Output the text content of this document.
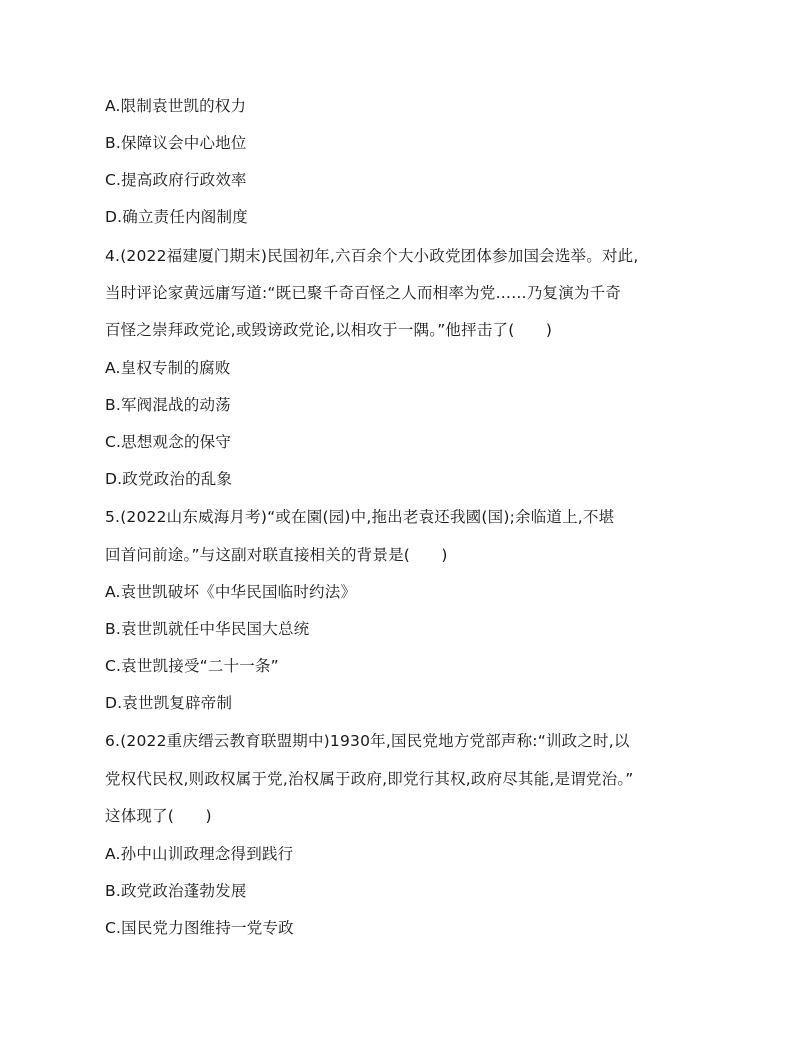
A.限制袁世凯的权力
B.保障议会中心地位
C.提高政府行政效率
D.确立责任内阁制度
4.(2022福建厦门期末)民国初年,六百余个大小政党团体参加国会选举。对此,
当时评论家黄远庸写道:“既已聚千奇百怪之人而相率为党……乃复演为千奇
百怪之崇拜政党论,或毁谤政党论,以相攻于一隅。”他抨击了(　　)
A.皇权专制的腐败
B.军阀混战的动荡
C.思想观念的保守
D.政党政治的乱象
5.(2022山东威海月考)“或在園(园)中,拖出老袁还我國(国);余临道上,不堪
回首问前途。”与这副对联直接相关的背景是(　　)
A.袁世凯破坏《中华民国临时约法》
B.袁世凯就任中华民国大总统
C.袁世凯接受“二十一条”
D.袁世凯复辟帝制
6.(2022重庆缙云教育联盟期中)1930年,国民党地方党部声称:“训政之时,以
党权代民权,则政权属于党,治权属于政府,即党行其权,政府尽其能,是谓党治。”
这体现了(　　)
A.孙中山训政理念得到践行
B.政党政治蓬勃发展
C.国民党力图维持一党专政
